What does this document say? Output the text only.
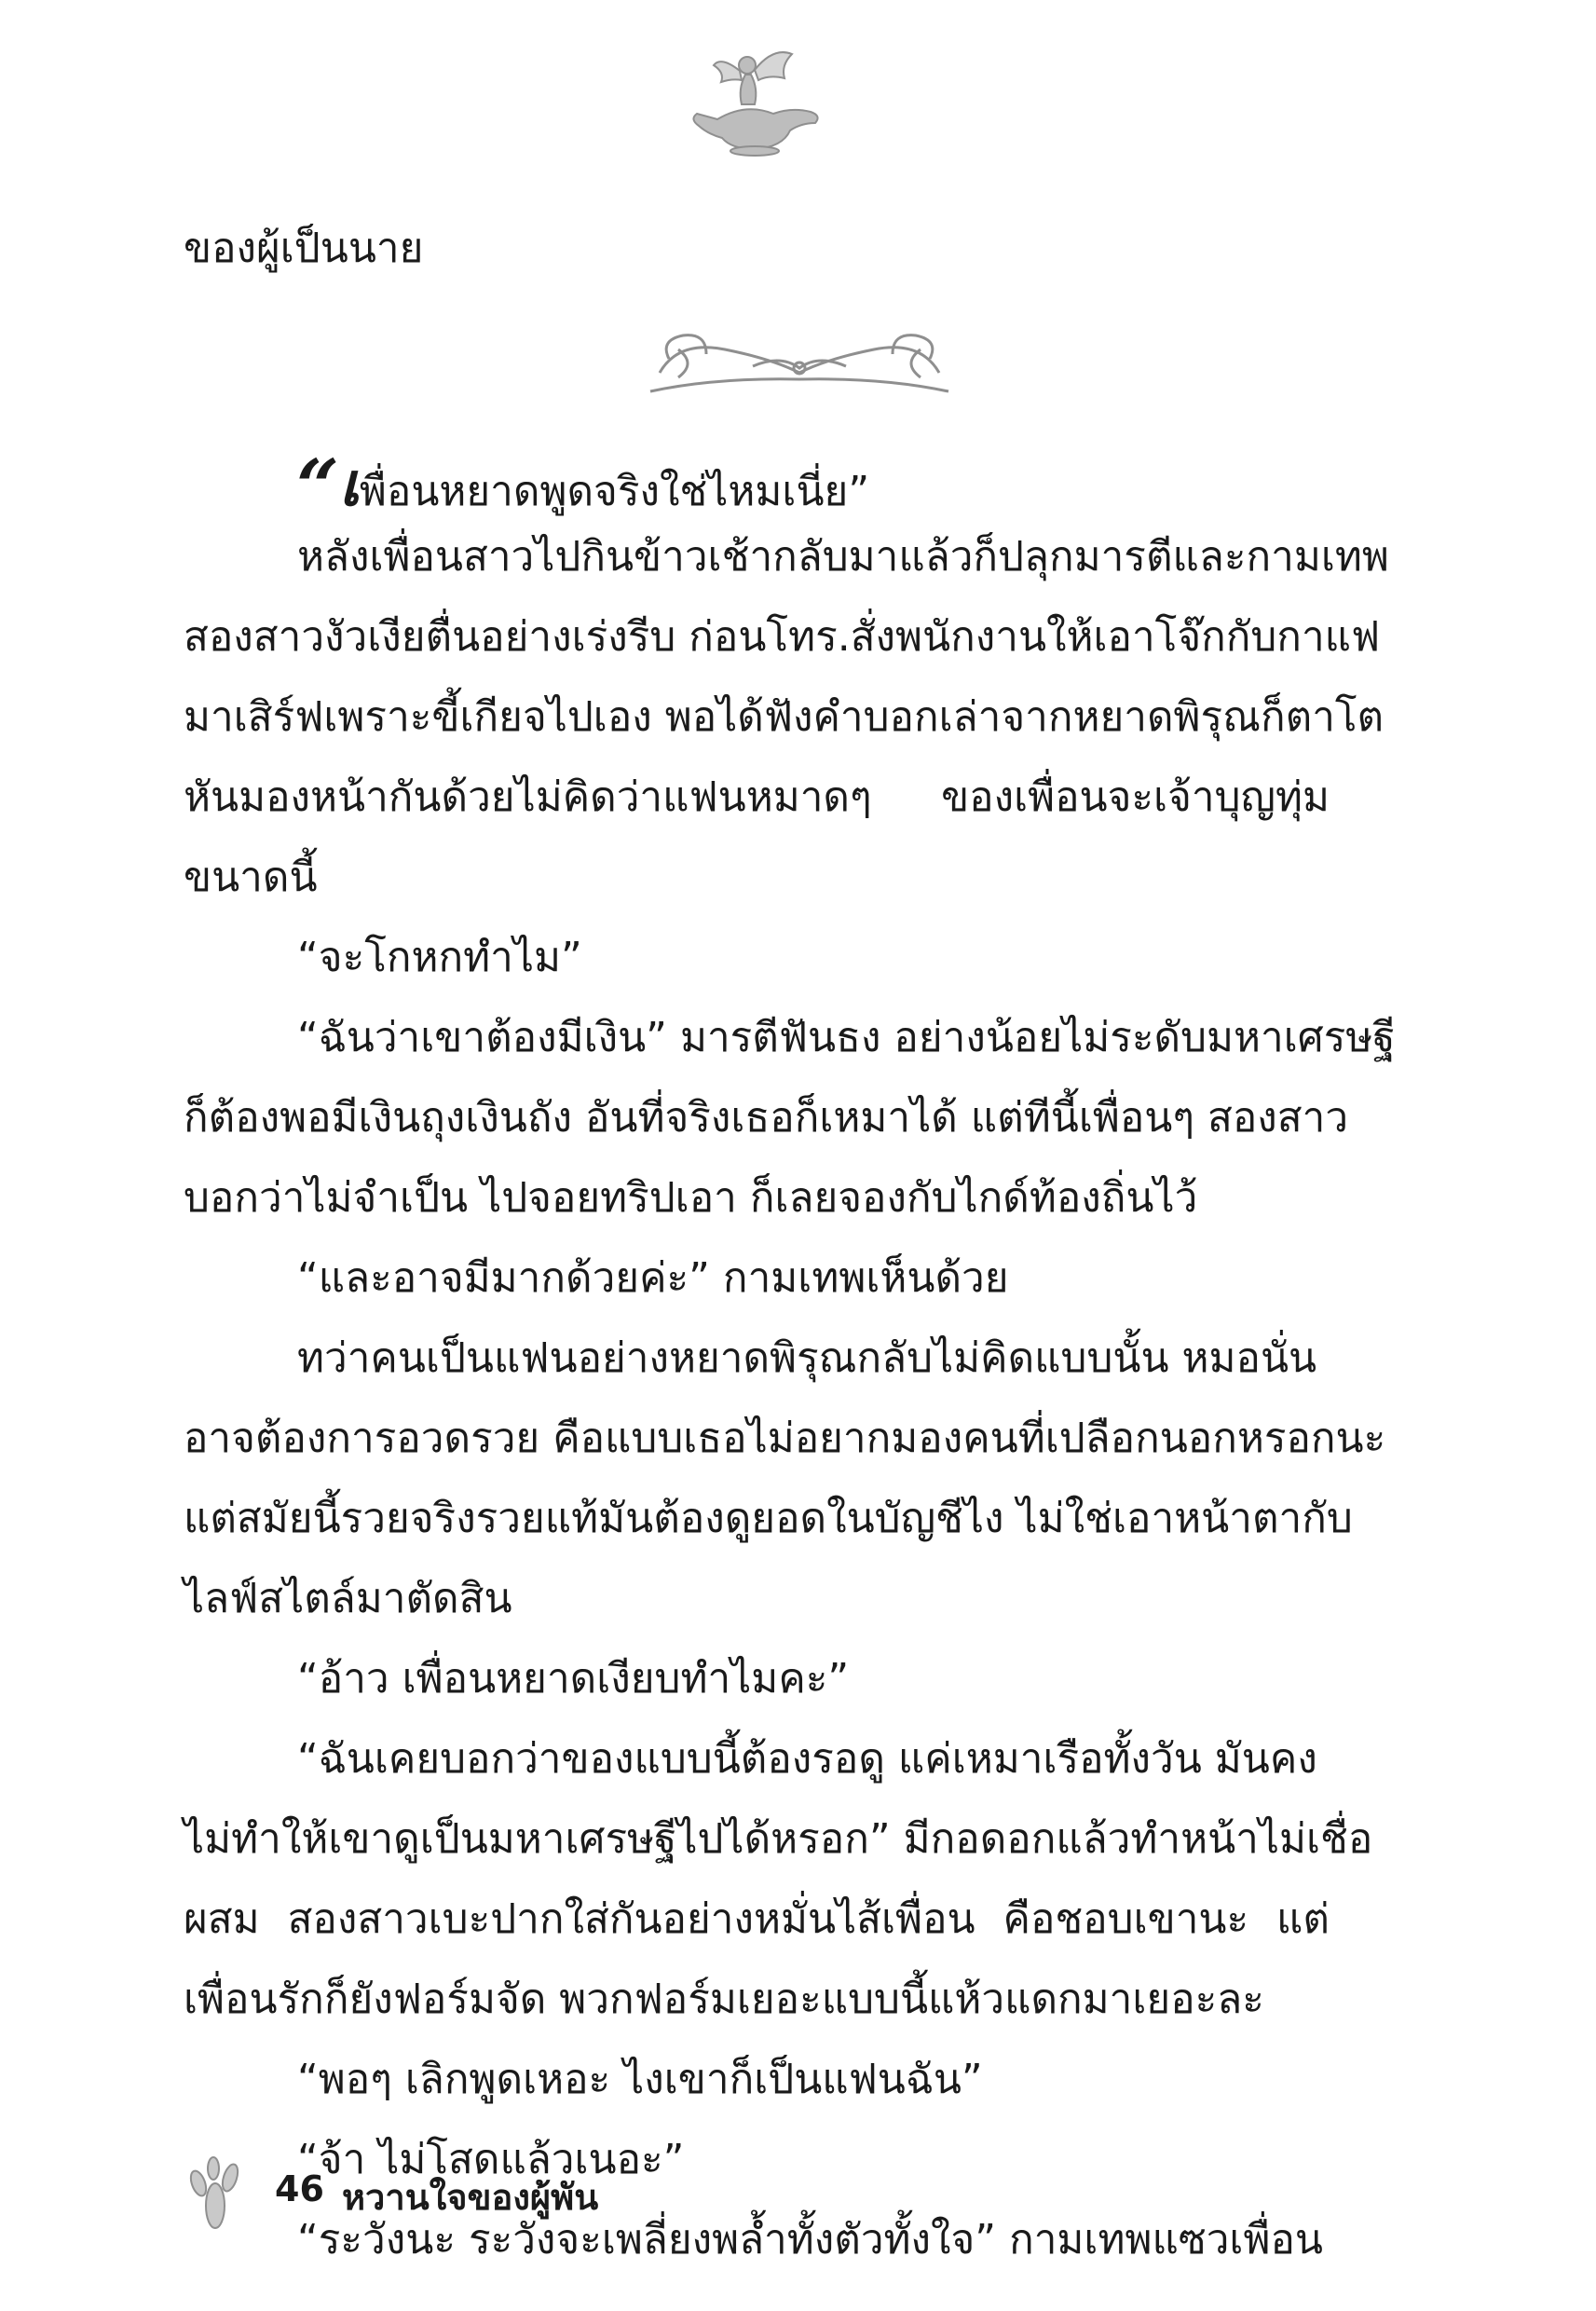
ของผู้เป็นนาย
“เพื่อนหยาดพูดจริงใช่ไหมเนี่ย”
หลังเพื่อนสาวไปกินข้าวเช้ากลับมาแล้วก็ปลุกมารตีและกามเทพ
สองสาวงัวเงียตื่นอย่างเร่งรีบ ก่อนโทร.สั่งพนักงานให้เอาโจ๊กกับกาแฟ
มาเสิร์ฟเพราะขี้เกียจไปเอง พอได้ฟังคำบอกเล่าจากหยาดพิรุณก็ตาโต
หันมองหน้ากันด้วยไม่คิดว่าแฟนหมาดๆ ของเพื่อนจะเจ้าบุญทุ่ม
ขนาดนี้
“จะโกหกทำไม”
“ฉันว่าเขาต้องมีเงิน” มารตีฟันธง อย่างน้อยไม่ระดับมหาเศรษฐี
ก็ต้องพอมีเงินถุงเงินถัง อันที่จริงเธอก็เหมาได้ แต่ทีนี้เพื่อนๆ สองสาว
บอกว่าไม่จำเป็น ไปจอยทริปเอา ก็เลยจองกับไกด์ท้องถิ่นไว้
“และอาจมีมากด้วยค่ะ” กามเทพเห็นด้วย
ทว่าคนเป็นแฟนอย่างหยาดพิรุณกลับไม่คิดแบบนั้น หมอนั่น
อาจต้องการอวดรวย คือแบบเธอไม่อยากมองคนที่เปลือกนอกหรอกนะ
แต่สมัยนี้รวยจริงรวยแท้มันต้องดูยอดในบัญชีไง ไม่ใช่เอาหน้าตากับ
ไลฟ์สไตล์มาตัดสิน
“อ้าว เพื่อนหยาดเงียบทำไมคะ”
“ฉันเคยบอกว่าของแบบนี้ต้องรอดู แค่เหมาเรือทั้งวัน มันคง
ไม่ทำให้เขาดูเป็นมหาเศรษฐีไปได้หรอก” มีกอดอกแล้วทำหน้าไม่เชื่อ
ผสม สองสาวเบะปากใส่กันอย่างหมั่นไส้เพื่อน คือชอบเขานะ แต่
เพื่อนรักก็ยังฟอร์มจัด พวกฟอร์มเยอะแบบนี้แห้วแดกมาเยอะละ
“พอๆ เลิกพูดเหอะ ไงเขาก็เป็นแฟนฉัน”
“จ้า ไม่โสดแล้วเนอะ”
“ระวังนะ ระวังจะเพลี่ยงพล้ำทั้งตัวทั้งใจ” กามเทพแซวเพื่อน
46 หวานใจของผู้พัน
